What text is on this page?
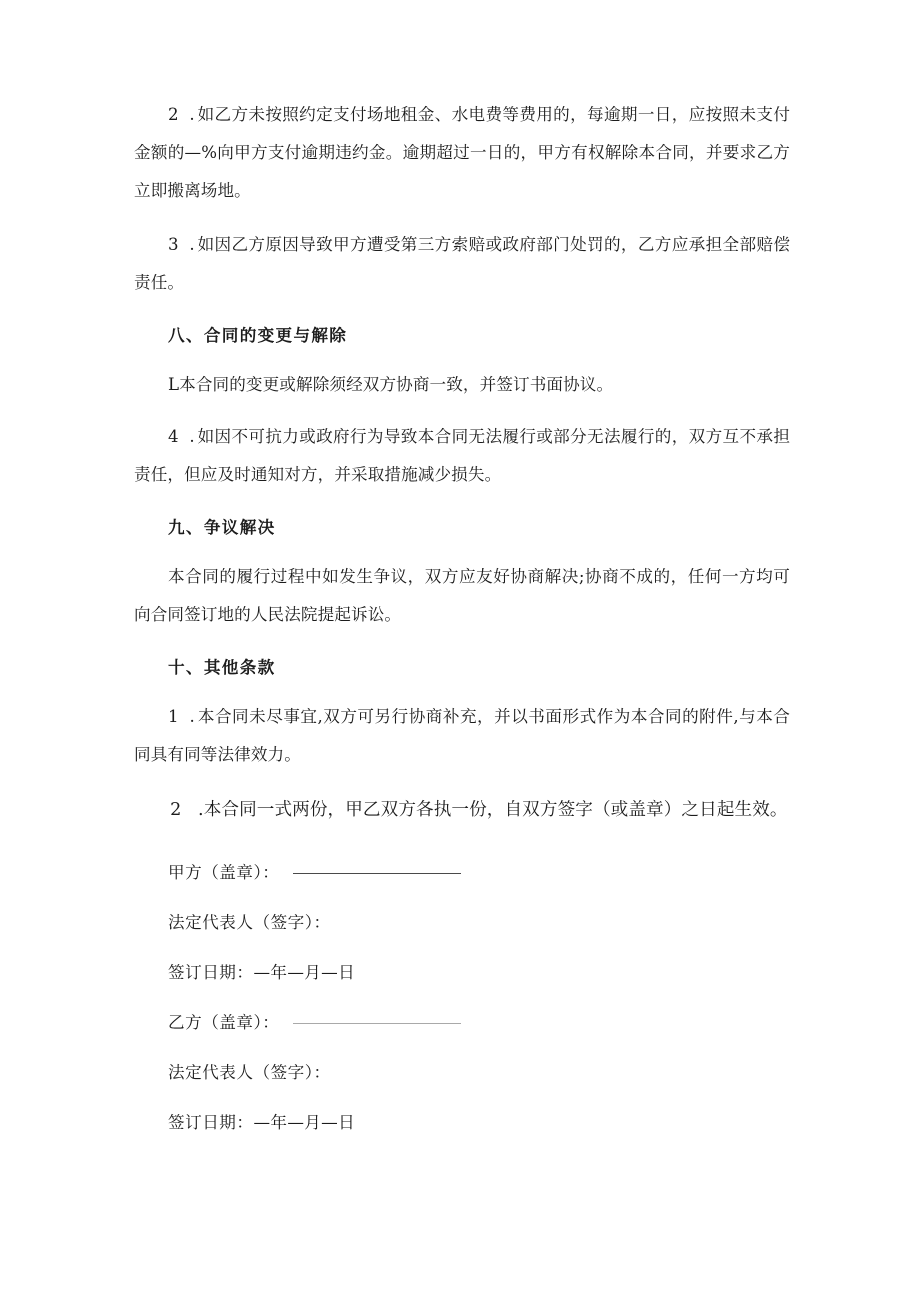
2 .如乙方未按照约定支付场地租金、水电费等费用的，每逾期一日，应按照未支付金额的—%向甲方支付逾期违约金。逾期超过一日的，甲方有权解除本合同，并要求乙方立即搬离场地。

3 .如因乙方原因导致甲方遭受第三方索赔或政府部门处罚的，乙方应承担全部赔偿责任。

八、合同的变更与解除

L本合同的变更或解除须经双方协商一致，并签订书面协议。

4 .如因不可抗力或政府行为导致本合同无法履行或部分无法履行的，双方互不承担责任，但应及时通知对方，并采取措施减少损失。

九、争议解决

本合同的履行过程中如发生争议，双方应友好协商解决;协商不成的，任何一方均可向合同签订地的人民法院提起诉讼。

十、其他条款

1 .本合同未尽事宜,双方可另行协商补充，并以书面形式作为本合同的附件,与本合同具有同等法律效力。

2.本合同一式两份，甲乙双方各执一份，自双方签字（或盖章）之日起生效。

甲方（盖章）：
法定代表人（签字）：
签订日期：—年—月—日
乙方（盖章）：
法定代表人（签字）：
签订日期：—年—月—日
